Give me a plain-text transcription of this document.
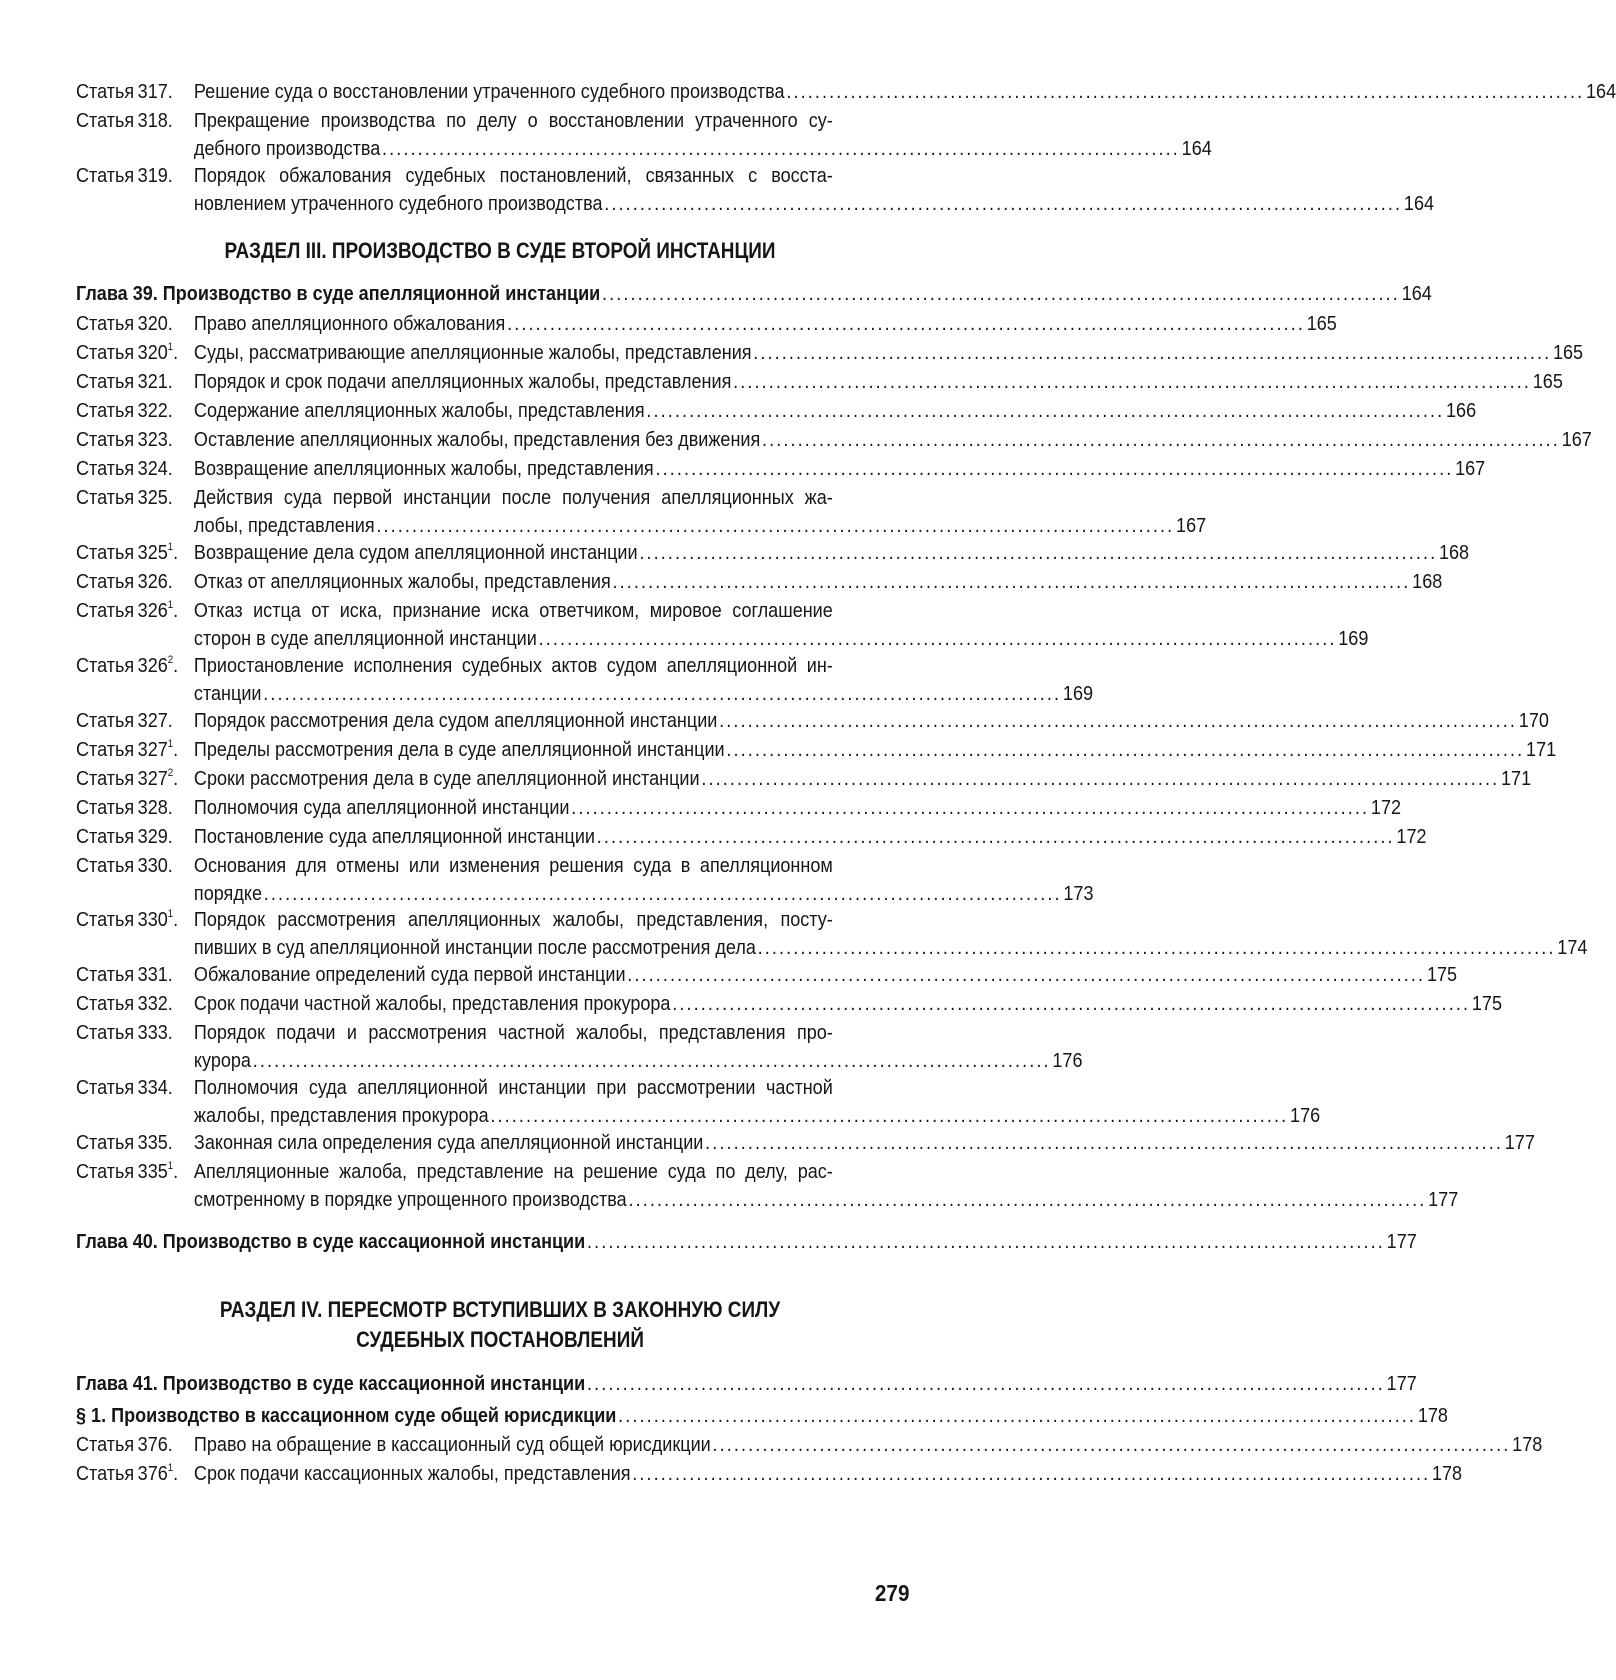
Статья 317. Решение суда о восстановлении утраченного судебного производства ................................................................................................................ 164
Статья 318. Прекращение производства по делу о восстановлении утраченного су-
дебного производства ................................................................................................................ 164
Статья 319. Порядок обжалования судебных постановлений, связанных с восста-
новлением утраченного судебного производства ................................................................................................................ 164
РАЗДЕЛ III. ПРОИЗВОДСТВО В СУДЕ ВТОРОЙ ИНСТАНЦИИ
Глава 39. Производство в суде апелляционной инстанции ................................................................................................................ 164
Статья 320. Право апелляционного обжалования ................................................................................................................ 165
Статья $320^1$. Суды, рассматривающие апелляционные жалобы, представления ................................................................................................................ 165
Статья 321. Порядок и срок подачи апелляционных жалобы, представления ................................................................................................................ 165
Статья 322. Содержание апелляционных жалобы, представления ................................................................................................................ 166
Статья 323. Оставление апелляционных жалобы, представления без движения ................................................................................................................ 167
Статья 324. Возвращение апелляционных жалобы, представления ................................................................................................................ 167
Статья 325. Действия суда первой инстанции после получения апелляционных жа-
лобы, представления ................................................................................................................ 167
Статья $325^1$. Возвращение дела судом апелляционной инстанции ................................................................................................................ 168
Статья 326. Отказ от апелляционных жалобы, представления ................................................................................................................ 168
Статья $326^1$. Отказ истца от иска, признание иска ответчиком, мировое соглашение
сторон в суде апелляционной инстанции ................................................................................................................ 169
Статья $326^2$. Приостановление исполнения судебных актов судом апелляционной ин-
станции ................................................................................................................ 169
Статья 327. Порядок рассмотрения дела судом апелляционной инстанции ................................................................................................................ 170
Статья $327^1$. Пределы рассмотрения дела в суде апелляционной инстанции ................................................................................................................ 171
Статья $327^2$. Сроки рассмотрения дела в суде апелляционной инстанции ................................................................................................................ 171
Статья 328. Полномочия суда апелляционной инстанции ................................................................................................................ 172
Статья 329. Постановление суда апелляционной инстанции ................................................................................................................ 172
Статья 330. Основания для отмены или изменения решения суда в апелляционном
порядке ................................................................................................................ 173
Статья $330^1$. Порядок рассмотрения апелляционных жалобы, представления, посту-
пивших в суд апелляционной инстанции после рассмотрения дела ................................................................................................................ 174
Статья 331. Обжалование определений суда первой инстанции ................................................................................................................ 175
Статья 332. Срок подачи частной жалобы, представления прокурора ................................................................................................................ 175
Статья 333. Порядок подачи и рассмотрения частной жалобы, представления про-
курора ................................................................................................................ 176
Статья 334. Полномочия суда апелляционной инстанции при рассмотрении частной
жалобы, представления прокурора ................................................................................................................ 176
Статья 335. Законная сила определения суда апелляционной инстанции ................................................................................................................ 177
Статья $335^1$. Апелляционные жалоба, представление на решение суда по делу, рас-
смотренному в порядке упрощенного производства ................................................................................................................ 177
Глава 40. Производство в суде кассационной инстанции ................................................................................................................ 177
РАЗДЕЛ IV. ПЕРЕСМОТР ВСТУПИВШИХ В ЗАКОННУЮ СИЛУ
СУДЕБНЫХ ПОСТАНОВЛЕНИЙ
Глава 41. Производство в суде кассационной инстанции ................................................................................................................ 177
§ 1. Производство в кассационном суде общей юрисдикции ................................................................................................................ 178
Статья 376. Право на обращение в кассационный суд общей юрисдикции ................................................................................................................ 178
Статья $376^1$. Срок подачи кассационных жалобы, представления ................................................................................................................ 178
279
